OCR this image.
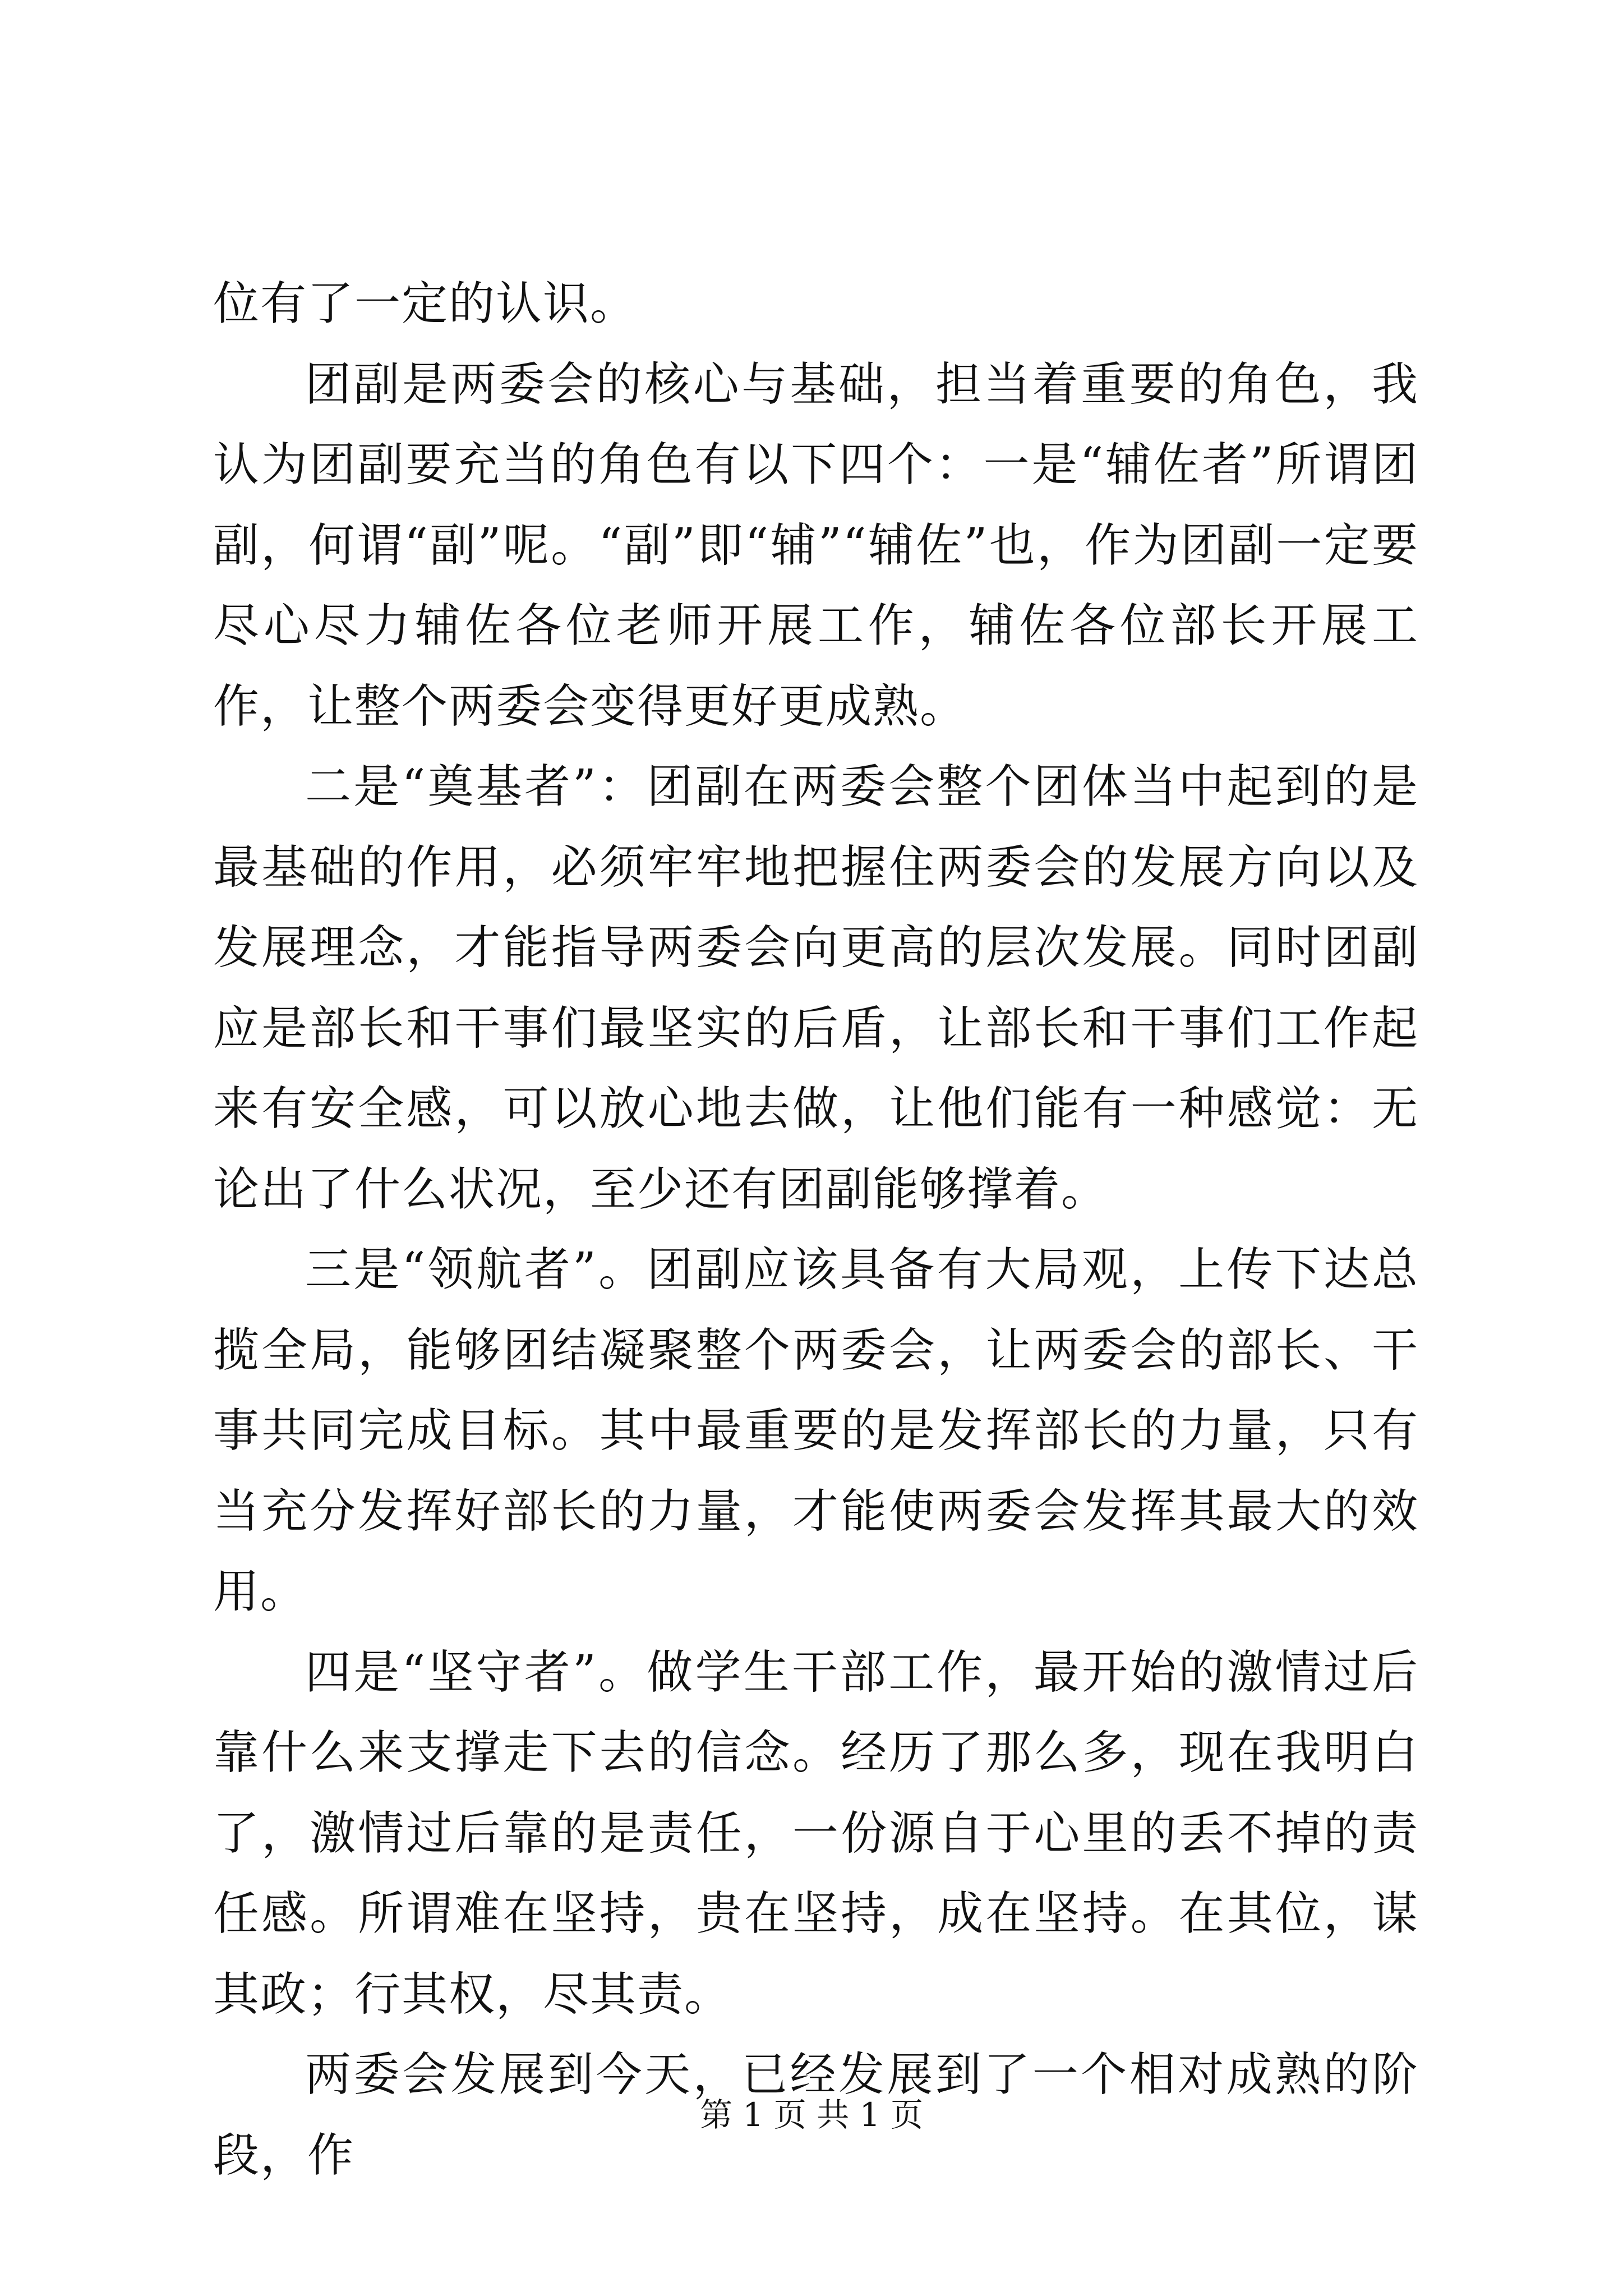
位有了一定的认识。

团副是两委会的核心与基础，担当着重要的角色，我认为团副要充当的角色有以下四个：一是“辅佐者”所谓团副，何谓“副”呢。“副”即“辅”“辅佐”也，作为团副一定要尽心尽力辅佐各位老师开展工作，辅佐各位部长开展工作，让整个两委会变得更好更成熟。

二是“奠基者”：团副在两委会整个团体当中起到的是最基础的作用，必须牢牢地把握住两委会的发展方向以及发展理念，才能指导两委会向更高的层次发展。同时团副应是部长和干事们最坚实的后盾，让部长和干事们工作起来有安全感，可以放心地去做，让他们能有一种感觉：无论出了什么状况，至少还有团副能够撑着。

三是“领航者”。团副应该具备有大局观，上传下达总揽全局，能够团结凝聚整个两委会，让两委会的部长、干事共同完成目标。其中最重要的是发挥部长的力量，只有当充分发挥好部长的力量，才能使两委会发挥其最大的效用。

四是“坚守者”。做学生干部工作，最开始的激情过后靠什么来支撑走下去的信念。经历了那么多，现在我明白了，激情过后靠的是责任，一份源自于心里的丢不掉的责任感。所谓难在坚持，贵在坚持，成在坚持。在其位，谋其政；行其权，尽其责。

两委会发展到今天，已经发展到了一个相对成熟的阶段，作

第 1 页 共 1 页
